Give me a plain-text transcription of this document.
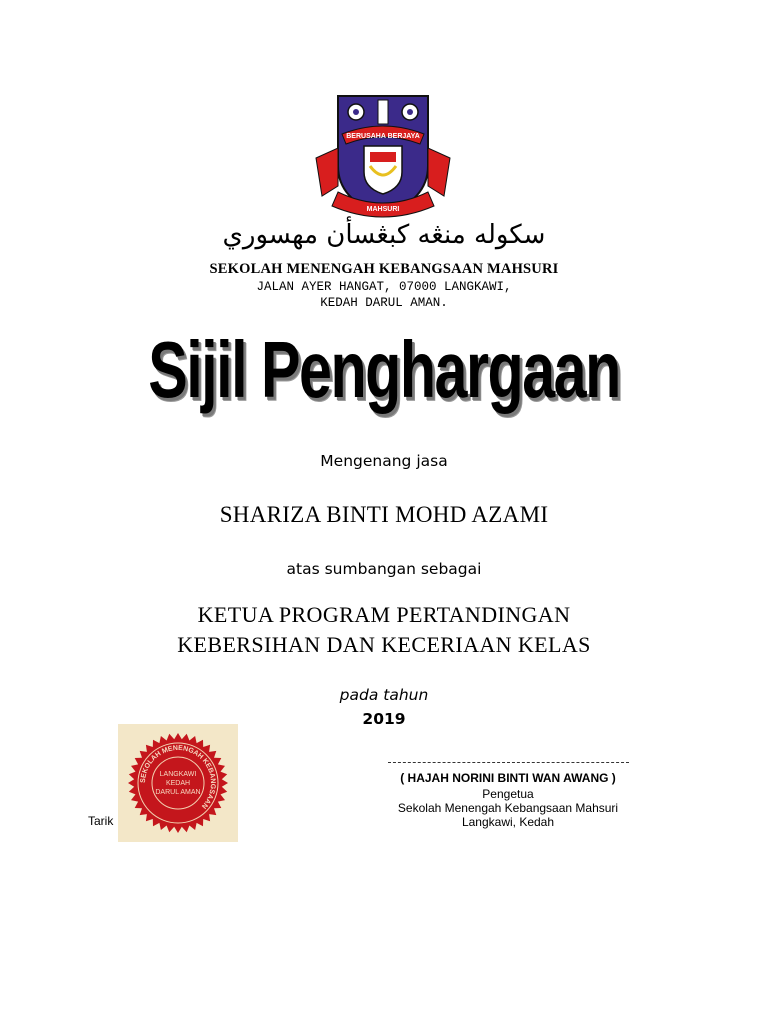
BERUSAHA BERJAYA
MAHSURI
سکوله منڠه کبڠسأن مهسوري
SEKOLAH MENENGAH KEBANGSAAN MAHSURI
JALAN AYER HANGAT, 07000 LANGKAWI,
KEDAH DARUL AMAN.
Sijil Penghargaan
Mengenang jasa
SHARIZA BINTI MOHD AZAMI
atas sumbangan sebagai
KETUA PROGRAM PERTANDINGAN
KEBERSIHAN DAN KECERIAAN KELAS
pada tahun
2019
SEKOLAH MENENGAH KEBANGSAAN
LANGKAWI
KEDAH
DARUL AMAN
Tarik
( HAJAH NORINI BINTI WAN AWANG )
Pengetua
Sekolah Menengah Kebangsaan Mahsuri
Langkawi, Kedah
